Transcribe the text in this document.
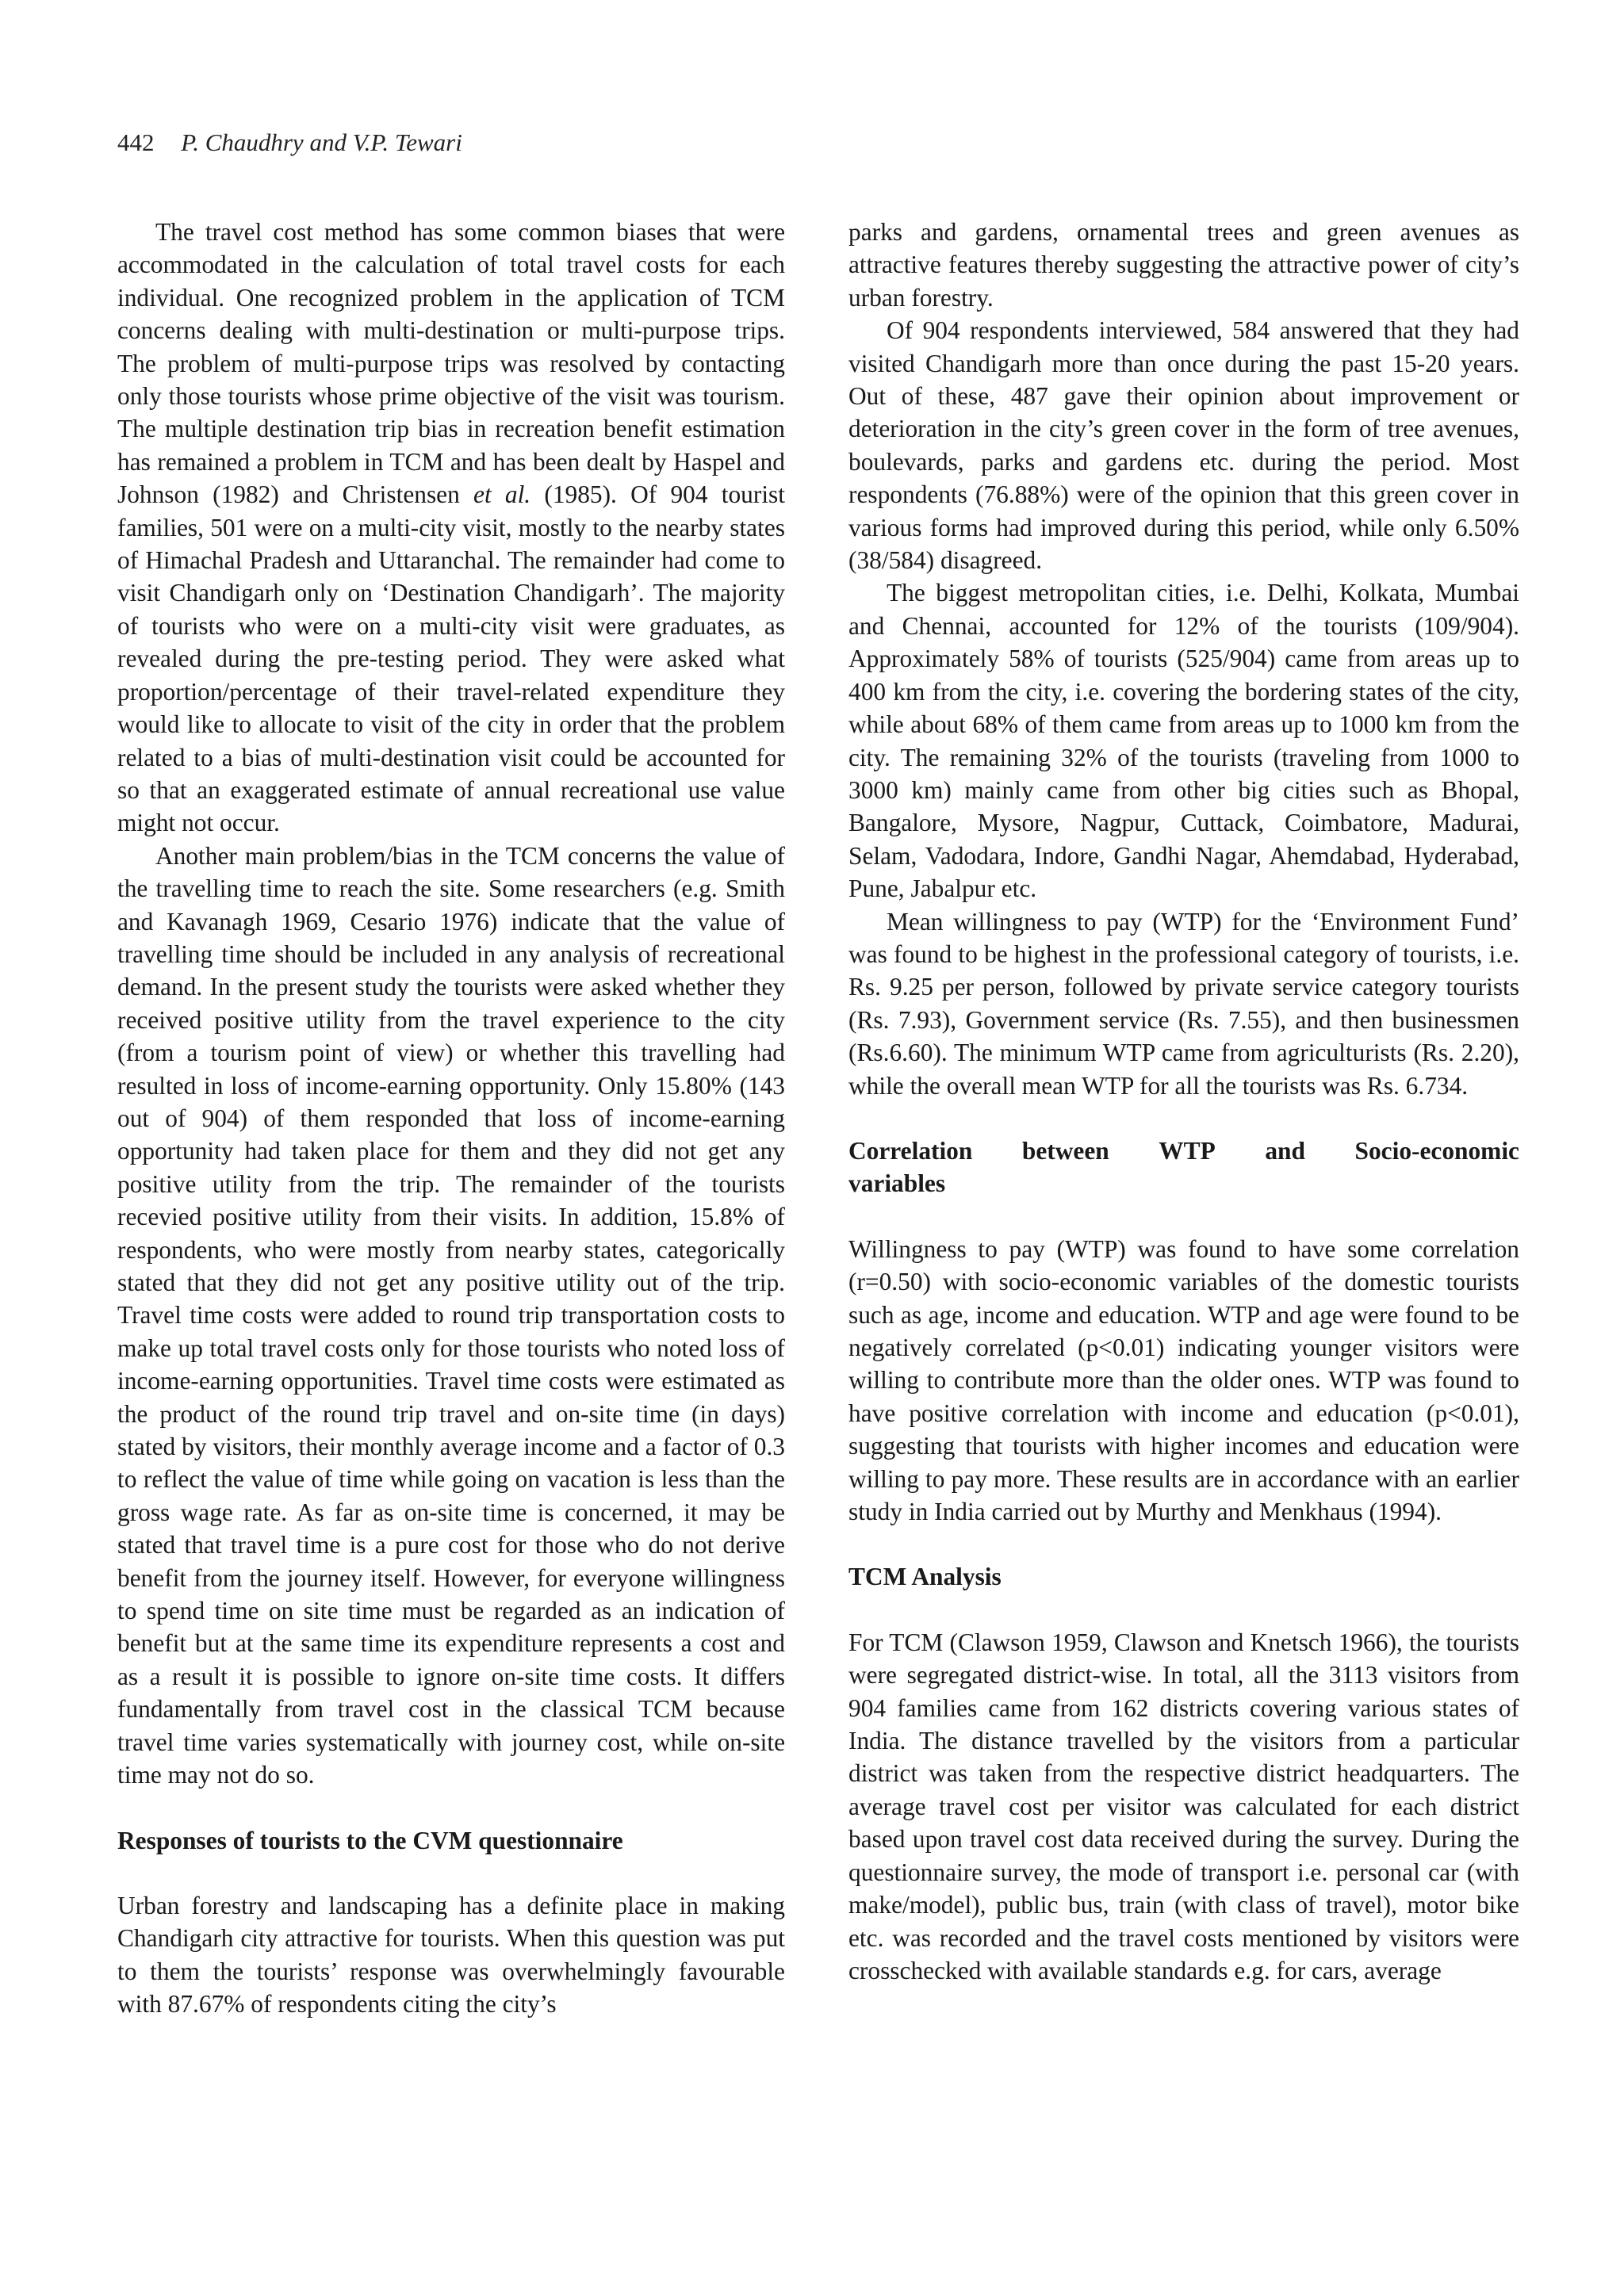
442 P. Chaudhry and V.P. Tewari

The travel cost method has some common biases that were accommodated in the calculation of total travel costs for each individual. One recognized problem in the application of TCM concerns dealing with multi-destination or multi-purpose trips. The problem of multi-purpose trips was resolved by contacting only those tourists whose prime objective of the visit was tourism. The multiple destination trip bias in recreation benefit estimation has remained a problem in TCM and has been dealt by Haspel and Johnson (1982) and Christensen et al. (1985). Of 904 tourist families, 501 were on a multi-city visit, mostly to the nearby states of Himachal Pradesh and Uttaranchal. The remainder had come to visit Chandigarh only on ‘Destination Chandigarh’. The majority of tourists who were on a multi-city visit were graduates, as revealed during the pre-testing period. They were asked what proportion/percentage of their travel-related expenditure they would like to allocate to visit of the city in order that the problem related to a bias of multi-destination visit could be accounted for so that an exaggerated estimate of annual recreational use value might not occur.

Another main problem/bias in the TCM concerns the value of the travelling time to reach the site. Some researchers (e.g. Smith and Kavanagh 1969, Cesario 1976) indicate that the value of travelling time should be included in any analysis of recreational demand. In the present study the tourists were asked whether they received positive utility from the travel experience to the city (from a tourism point of view) or whether this travelling had resulted in loss of income-earning opportunity. Only 15.80% (143 out of 904) of them responded that loss of income-earning opportunity had taken place for them and they did not get any positive utility from the trip. The remainder of the tourists recevied positive utility from their visits. In addition, 15.8% of respondents, who were mostly from nearby states, categorically stated that they did not get any positive utility out of the trip. Travel time costs were added to round trip transportation costs to make up total travel costs only for those tourists who noted loss of income-earning opportunities. Travel time costs were estimated as the product of the round trip travel and on-site time (in days) stated by visitors, their monthly average income and a factor of 0.3 to reflect the value of time while going on vacation is less than the gross wage rate. As far as on-site time is concerned, it may be stated that travel time is a pure cost for those who do not derive benefit from the journey itself. However, for everyone willingness to spend time on site time must be regarded as an indication of benefit but at the same time its expenditure represents a cost and as a result it is possible to ignore on-site time costs. It differs fundamentally from travel cost in the classical TCM because travel time varies systematically with journey cost, while on-site time may not do so.

Responses of tourists to the CVM questionnaire

Urban forestry and landscaping has a definite place in making Chandigarh city attractive for tourists. When this question was put to them the tourists’ response was overwhelmingly favourable with 87.67% of respondents citing the city’s

parks and gardens, ornamental trees and green avenues as attractive features thereby suggesting the attractive power of city’s urban forestry.

Of 904 respondents interviewed, 584 answered that they had visited Chandigarh more than once during the past 15-20 years. Out of these, 487 gave their opinion about improvement or deterioration in the city’s green cover in the form of tree avenues, boulevards, parks and gardens etc. during the period. Most respondents (76.88%) were of the opinion that this green cover in various forms had improved during this period, while only 6.50% (38/584) disagreed.

The biggest metropolitan cities, i.e. Delhi, Kolkata, Mumbai and Chennai, accounted for 12% of the tourists (109/904). Approximately 58% of tourists (525/904) came from areas up to 400 km from the city, i.e. covering the bordering states of the city, while about 68% of them came from areas up to 1000 km from the city. The remaining 32% of the tourists (traveling from 1000 to 3000 km) mainly came from other big cities such as Bhopal, Bangalore, Mysore, Nagpur, Cuttack, Coimbatore, Madurai, Selam, Vadodara, Indore, Gandhi Nagar, Ahemdabad, Hyderabad, Pune, Jabalpur etc.

Mean willingness to pay (WTP) for the ‘Environment Fund’ was found to be highest in the professional category of tourists, i.e. Rs. 9.25 per person, followed by private service category tourists (Rs. 7.93), Government service (Rs. 7.55), and then businessmen (Rs.6.60). The minimum WTP came from agriculturists (Rs. 2.20), while the overall mean WTP for all the tourists was Rs. 6.734.

Correlation between WTP and Socio-economic
variables

Willingness to pay (WTP) was found to have some correlation (r=0.50) with socio-economic variables of the domestic tourists such as age, income and education. WTP and age were found to be negatively correlated (p<0.01) indicating younger visitors were willing to contribute more than the older ones. WTP was found to have positive correlation with income and education (p<0.01), suggesting that tourists with higher incomes and education were willing to pay more. These results are in accordance with an earlier study in India carried out by Murthy and Menkhaus (1994).

TCM Analysis

For TCM (Clawson 1959, Clawson and Knetsch 1966), the tourists were segregated district-wise. In total, all the 3113 visitors from 904 families came from 162 districts covering various states of India. The distance travelled by the visitors from a particular district was taken from the respective district headquarters. The average travel cost per visitor was calculated for each district based upon travel cost data received during the survey. During the questionnaire survey, the mode of transport i.e. personal car (with make/model), public bus, train (with class of travel), motor bike etc. was recorded and the travel costs mentioned by visitors were crosschecked with available standards e.g. for cars, average
